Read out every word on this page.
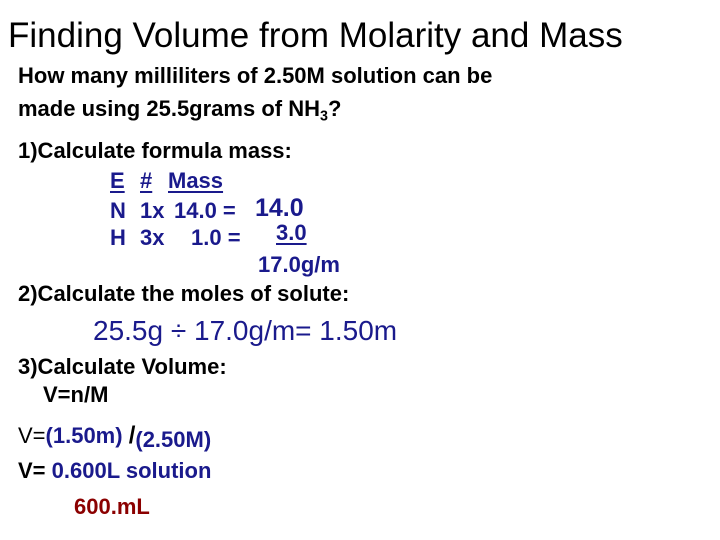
Finding Volume from Molarity and Mass
How many milliliters of 2.50M solution can be
made using 25.5grams of $NH_3$?
1)Calculate formula mass:
E # Mass
N 1x 14.0 = 14.0
H 3x 1.0 =	3.0
17.0g/m
2)Calculate the moles of solute:
25.5g ÷ 17.0g/m= 1.50m
3)Calculate Volume:
V=n/M
V=(1.50m) /(2.50M)
V= 0.600L solution
600.mL
